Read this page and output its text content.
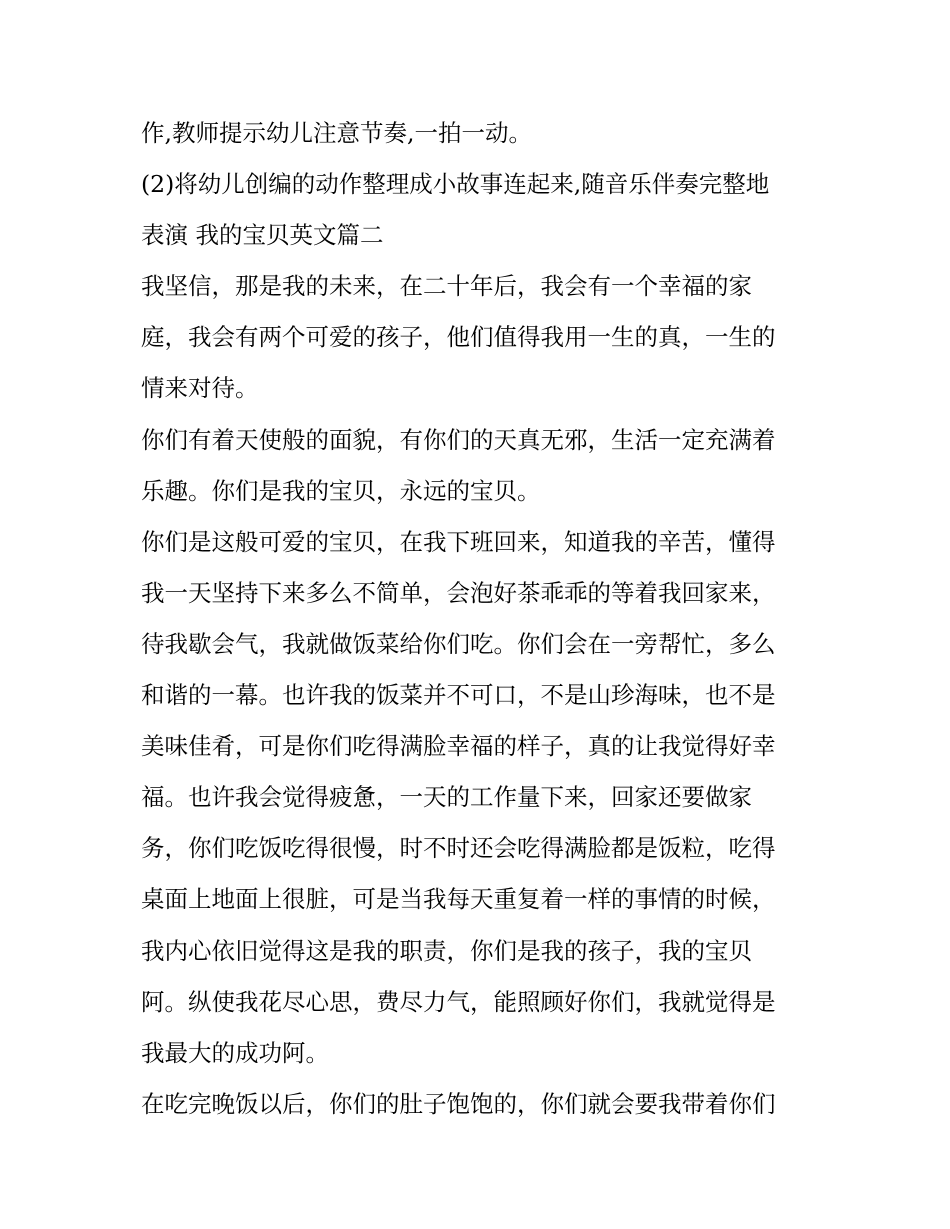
作,教师提示幼儿注意节奏,一拍一动。

(2)将幼儿创编的动作整理成小故事连起来,随音乐伴奏完整地
表演 我的宝贝英文篇二

我坚信，那是我的未来，在二十年后，我会有一个幸福的家
庭，我会有两个可爱的孩子，他们值得我用一生的真，一生的
情来对待。

你们有着天使般的面貌，有你们的天真无邪，生活一定充满着
乐趣。你们是我的宝贝，永远的宝贝。

你们是这般可爱的宝贝，在我下班回来，知道我的辛苦，懂得
我一天坚持下来多么不简单，会泡好茶乖乖的等着我回家来，
待我歇会气，我就做饭菜给你们吃。你们会在一旁帮忙，多么
和谐的一幕。也许我的饭菜并不可口，不是山珍海味，也不是
美味佳肴，可是你们吃得满脸幸福的样子，真的让我觉得好幸
福。也许我会觉得疲惫，一天的工作量下来，回家还要做家
务，你们吃饭吃得很慢，时不时还会吃得满脸都是饭粒，吃得
桌面上地面上很脏，可是当我每天重复着一样的事情的时候，
我内心依旧觉得这是我的职责，你们是我的孩子，我的宝贝
阿。纵使我花尽心思，费尽力气，能照顾好你们，我就觉得是
我最大的成功阿。

在吃完晚饭以后，你们的肚子饱饱的，你们就会要我带着你们
